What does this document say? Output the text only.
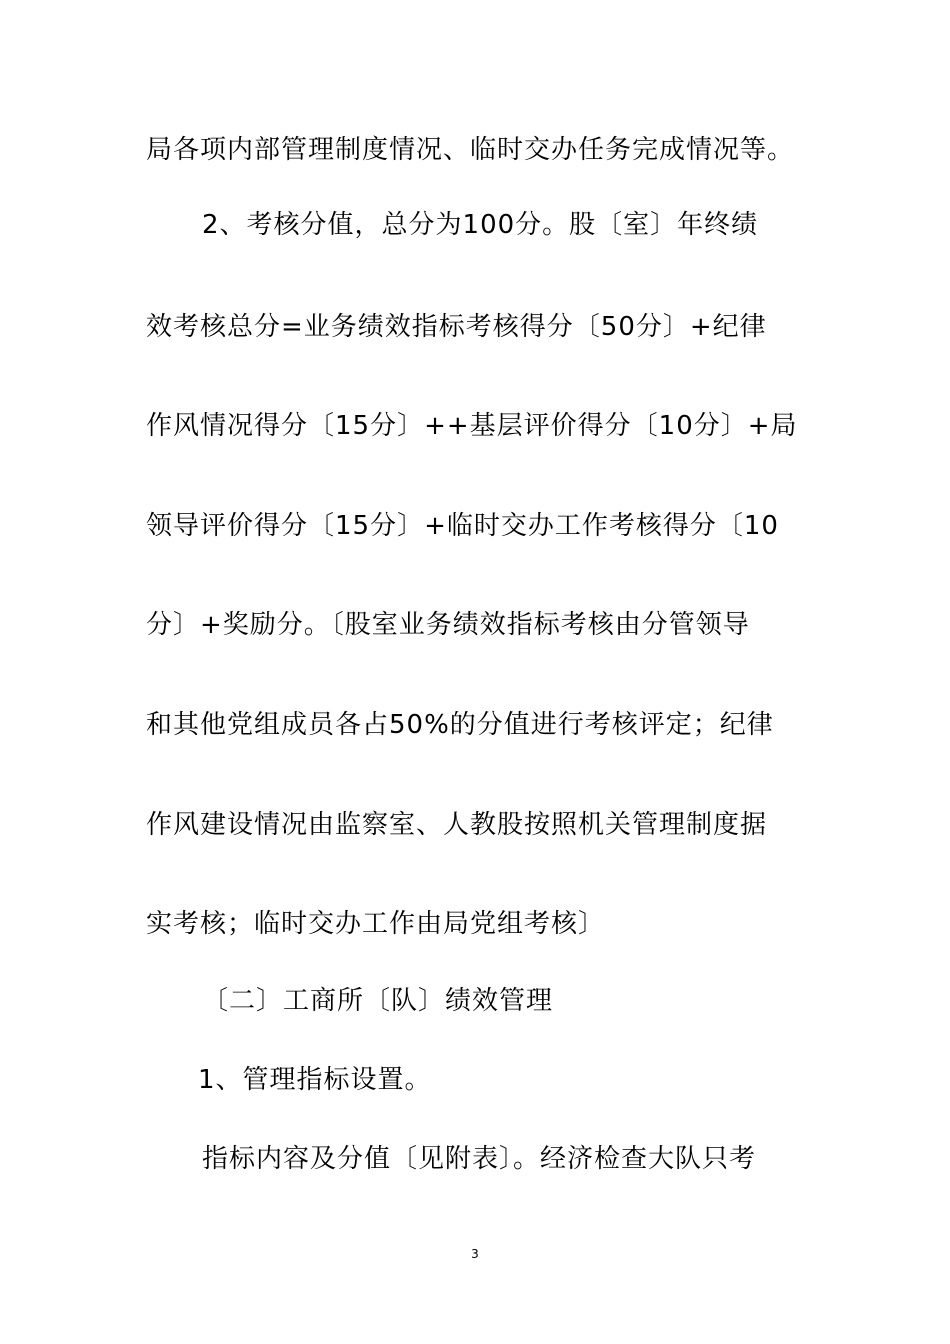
局各项内部管理制度情况、临时交办任务完成情况等。
2、考核分值，总分为100分。股〔室〕年终绩
效考核总分=业务绩效指标考核得分〔50分〕+纪律
作风情况得分〔15分〕++基层评价得分〔10分〕+局
领导评价得分〔15分〕+临时交办工作考核得分〔10
分〕+奖励分。〔股室业务绩效指标考核由分管领导
和其他党组成员各占50%的分值进行考核评定；纪律
作风建设情况由监察室、人教股按照机关管理制度据
实考核；临时交办工作由局党组考核〕
〔二〕工商所〔队〕绩效管理
1、管理指标设置。
指标内容及分值〔见附表〕。经济检查大队只考
3
